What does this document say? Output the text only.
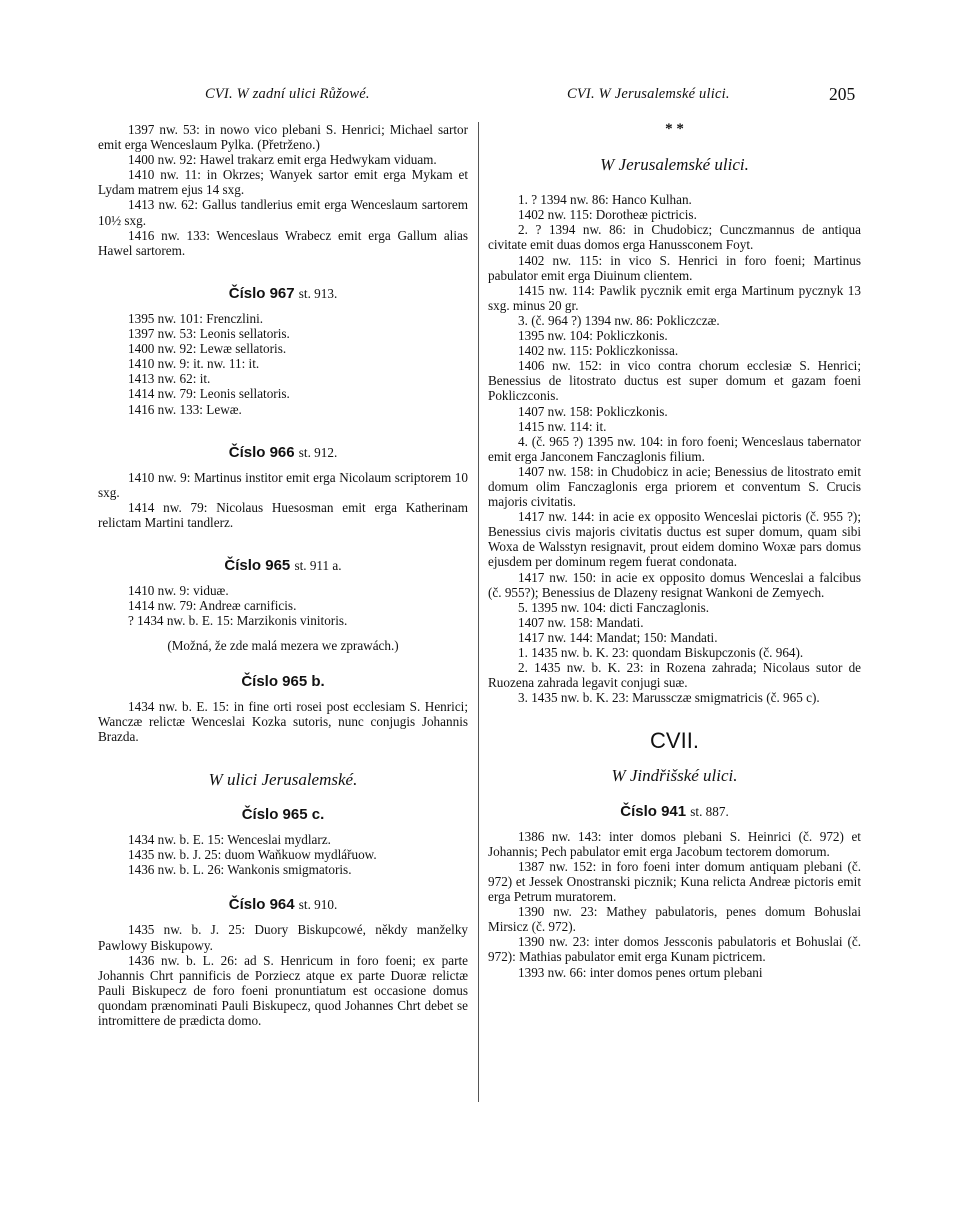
CVI. W zadní ulici Růžowé.	CVI. W Jerusalemské ulici.	205

1397 nw. 53: in nowo vico plebani S. Henrici; Michael sartor emit erga Wenceslaum Pylka. (Přetrženo.)

1400 nw. 92: Hawel trakarz emit erga Hedwykam viduam.

1410 nw. 11: in Okrzes; Wanyek sartor emit erga Mykam et Lydam matrem ejus 14 sxg.

1413 nw. 62: Gallus tandlerius emit erga Wenceslaum sartorem 10½ sxg.

1416 nw. 133: Wenceslaus Wrabecz emit erga Gallum alias Hawel sartorem.

Číslo 967 st. 913.

1395 nw. 101: Frenczlini.

1397 nw. 53: Leonis sellatoris.

1400 nw. 92: Lewæ sellatoris.

1410 nw. 9: it. nw. 11: it.

1413 nw. 62: it.

1414 nw. 79: Leonis sellatoris.

1416 nw. 133: Lewæ.

Číslo 966 st. 912.

1410 nw. 9: Martinus institor emit erga Nicolaum scriptorem 10 sxg.

1414 nw. 79: Nicolaus Huesosman emit erga Katherinam relictam Martini tandlerz.

Číslo 965 st. 911 a.

1410 nw. 9: viduæ.

1414 nw. 79: Andreæ carnificis.

? 1434 nw. b. E. 15: Marzikonis vinitoris.

(Možná, že zde malá mezera we zprawách.)

Číslo 965 b.

1434 nw. b. E. 15: in fine orti rosei post ecclesiam S. Henrici; Wanczæ relictæ Wenceslai Kozka sutoris, nunc conjugis Johannis Brazda.

W ulici Jerusalemské.
Číslo 965 c.

1434 nw. b. E. 15: Wenceslai mydlarz.

1435 nw. b. J. 25: duom Waňkuow mydlářuow.

1436 nw. b. L. 26: Wankonis smigmatoris.

Číslo 964 st. 910.

1435 nw. b. J. 25: Duory Biskupcowé, někdy manželky Pawlowy Biskupowy.

1436 nw. b. L. 26: ad S. Henricum in foro foeni; ex parte Johannis Chrt pannificis de Porziecz atque ex parte Duoræ relictæ Pauli Biskupecz de foro foeni pronuntiatum est occasione domus quondam prænominati Pauli Biskupecz, quod Johannes Chrt debet se intromittere de prædicta domo.

* *

W Jerusalemské ulici.

1. ? 1394 nw. 86: Hanco Kulhan.

1402 nw. 115: Dorotheæ pictricis.

2. ? 1394 nw. 86: in Chudobicz; Cunczmannus de antiqua civitate emit duas domos erga Hanussconem Foyt.

1402 nw. 115: in vico S. Henrici in foro foeni; Martinus pabulator emit erga Diuinum clientem.

1415 nw. 114: Pawlik pycznik emit erga Martinum pycznyk 13 sxg. minus 20 gr.

3. (č. 964 ?) 1394 nw. 86: Pokliczczæ.

1395 nw. 104: Pokliczkonis.

1402 nw. 115: Pokliczkonissa.

1406 nw. 152: in vico contra chorum ecclesiæ S. Henrici; Benessius de litostrato ductus est super domum et gazam foeni Pokliczconis.

1407 nw. 158: Pokliczkonis.

1415 nw. 114: it.

4. (č. 965 ?) 1395 nw. 104: in foro foeni; Wenceslaus tabernator emit erga Janconem Fanczaglonis filium.

1407 nw. 158: in Chudobicz in acie; Benessius de litostrato emit domum olim Fanczaglonis erga priorem et conventum S. Crucis majoris civitatis.

1417 nw. 144: in acie ex opposito Wenceslai pictoris (č. 955 ?); Benessius civis majoris civitatis ductus est super domum, quam sibi Woxa de Walsstyn resignavit, prout eidem domino Woxæ pars domus ejusdem per dominum regem fuerat condonata.

1417 nw. 150: in acie ex opposito domus Wenceslai a falcibus (č. 955?); Benessius de Dlazeny resignat Wankoni de Zemyech.

5. 1395 nw. 104: dicti Fanczaglonis.

1407 nw. 158: Mandati.

1417 nw. 144: Mandat; 150: Mandati.

1. 1435 nw. b. K. 23: quondam Biskupczonis (č. 964).

2. 1435 nw. b. K. 23: in Rozena zahrada; Nicolaus sutor de Ruozena zahrada legavit conjugi suæ.

3. 1435 nw. b. K. 23: Marussczæ smigmatricis (č. 965 c).

CVII.

W Jindřišské ulici.
Číslo 941 st. 887.

1386 nw. 143: inter domos plebani S. Heinrici (č. 972) et Johannis; Pech pabulator emit erga Jacobum tectorem domorum.

1387 nw. 152: in foro foeni inter domum antiquam plebani (č. 972) et Jessek Onostranski picznik; Kuna relicta Andreæ pictoris emit erga Petrum muratorem.

1390 nw. 23: Mathey pabulatoris, penes domum Bohuslai Mirsicz (č. 972).

1390 nw. 23: inter domos Jessconis pabulatoris et Bohuslai (č. 972): Mathias pabulator emit erga Kunam pictricem.

1393 nw. 66: inter domos penes ortum plebani
